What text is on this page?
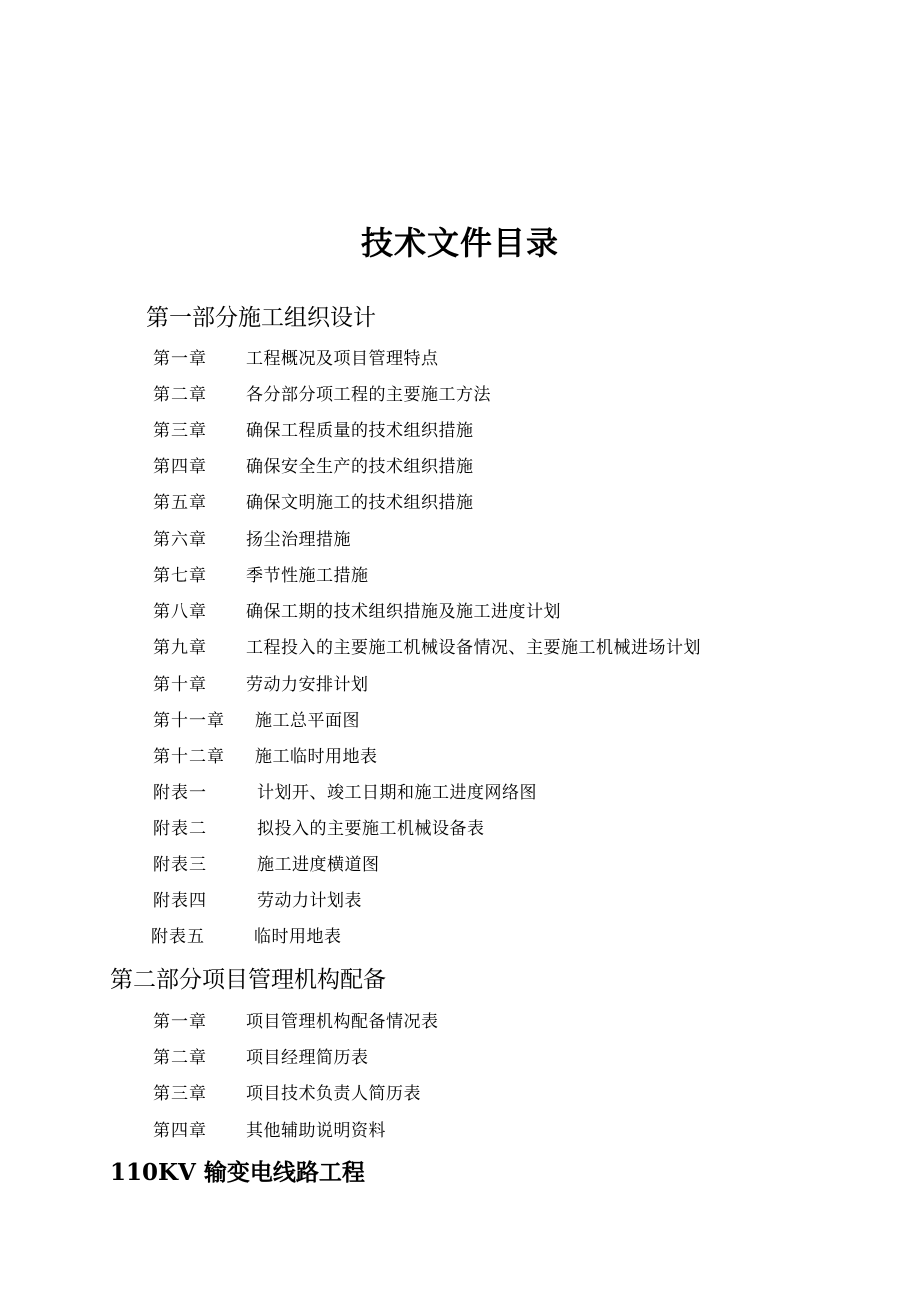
技术文件目录
第一部分施工组织设计
第一章 工程概况及项目管理特点
第二章 各分部分项工程的主要施工方法
第三章 确保工程质量的技术组织措施
第四章 确保安全生产的技术组织措施
第五章 确保文明施工的技术组织措施
第六章 扬尘治理措施
第七章 季节性施工措施
第八章 确保工期的技术组织措施及施工进度计划
第九章 工程投入的主要施工机械设备情况、主要施工机械进场计划
第十章 劳动力安排计划
第十一章 施工总平面图
第十二章 施工临时用地表
附表一	计划开、竣工日期和施工进度网络图
附表二	拟投入的主要施工机械设备表
附表三	施工进度横道图
附表四	劳动力计划表
附表五	临时用地表
第二部分项目管理机构配备
第一章 项目管理机构配备情况表
第二章 项目经理简历表
第三章 项目技术负责人简历表
第四章 其他辅助说明资料
110KV 输变电线路工程
